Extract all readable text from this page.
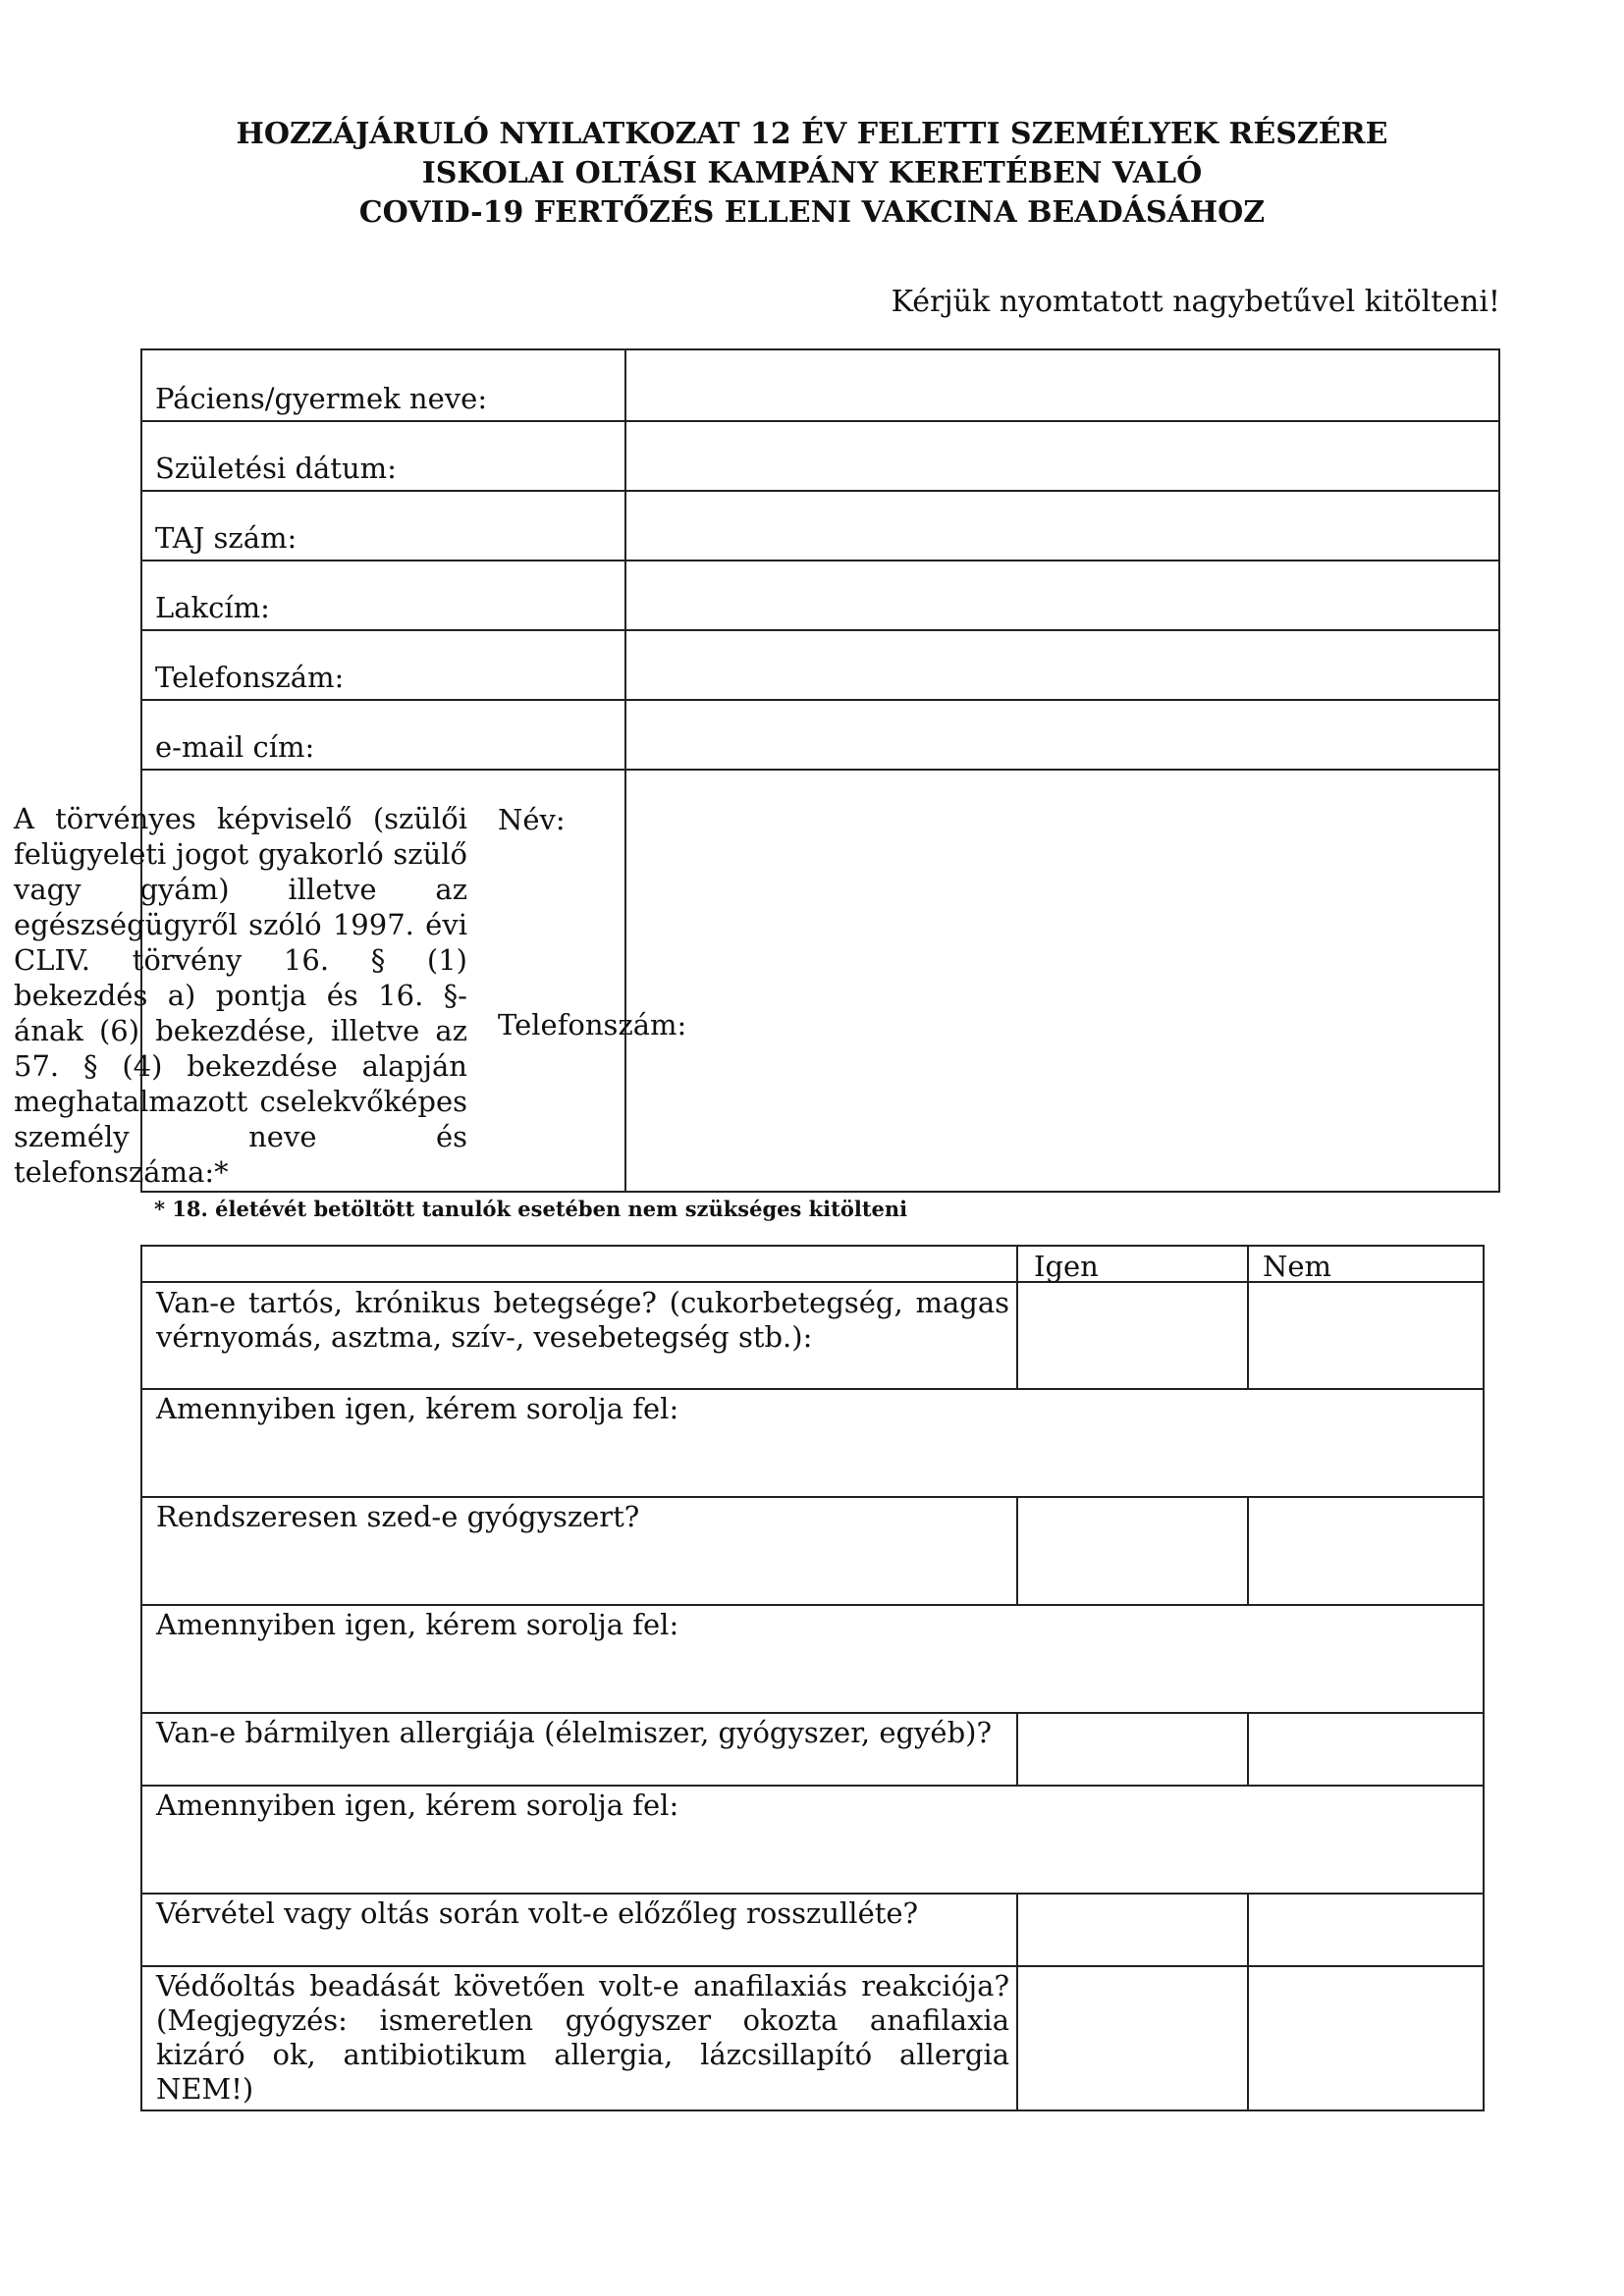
HOZZÁJÁRULÓ NYILATKOZAT 12 ÉV FELETTI SZEMÉLYEK RÉSZÉRE
ISKOLAI OLTÁSI KAMPÁNY KERETÉBEN VALÓ
COVID-19 FERTŐZÉS ELLENI VAKCINA BEADÁSÁHOZ
Kérjük nyomtatott nagybetűvel kitölteni!
Páciens/gyermek neve:
Születési dátum:
TAJ szám:
Lakcím:
Telefonszám:
e-mail cím:
A törvényes képviselő (szülői felügyeleti jogot gyakorló szülő vagy gyám) illetve az egészségügyről szóló 1997. évi CLIV. törvény 16. § (1) bekezdés a) pontja és 16. §-ának (6) bekezdése, illetve az 57. § (4) bekezdése alapján meghatalmazott cselekvőképes személy neve és telefonszáma:*
Név:
Telefonszám:
* 18. életévét betöltött tanulók esetében nem szükséges kitölteni
Igen	Nem
Van-e tartós, krónikus betegsége? (cukorbetegség, magas vérnyomás, asztma, szív-, vesebetegség stb.):
Amennyiben igen, kérem sorolja fel:
Rendszeresen szed-e gyógyszert?
Amennyiben igen, kérem sorolja fel:
Van-e bármilyen allergiája (élelmiszer, gyógyszer, egyéb)?
Amennyiben igen, kérem sorolja fel:
Vérvétel vagy oltás során volt-e előzőleg rosszulléte?
Védőoltás beadását követően volt-e anafilaxiás reakciója? (Megjegyzés: ismeretlen gyógyszer okozta anafilaxia kizáró ok, antibiotikum allergia, lázcsillapító allergia NEM!)
